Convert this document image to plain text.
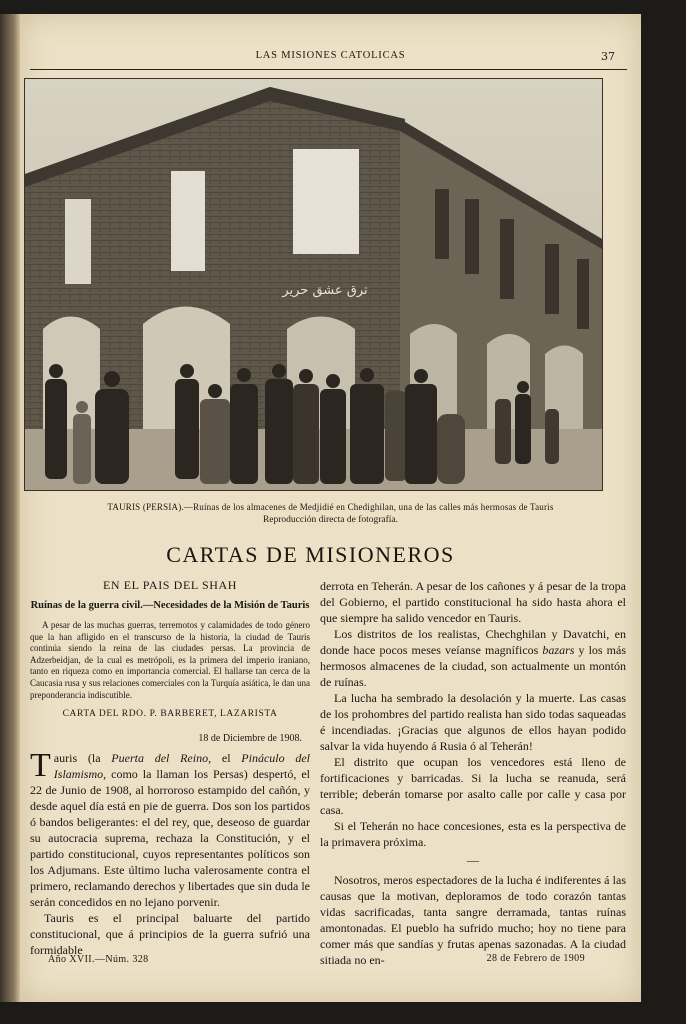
LAS MISIONES CATOLICAS	37
ﺗﺮﻕ ﻋﺸﻖ ﺣﺮﻳﺮ
TAURIS (PERSIA).—Ruínas de los almacenes de Medjidié en Chedighilan, una de las calles más hermosas de Tauris
Reproducción directa de fotografía.
CARTAS DE MISIONEROS

EN EL PAIS DEL SHAH

Ruínas de la guerra civil.—Necesidades de la Misión de Tauris

A pesar de las muchas guerras, terremotos y calamidades de todo género que la han afligido en el transcurso de la historia, la ciudad de Tauris continúa siendo la reina de las ciudades persas. La provincia de Adzerbeidjan, de la cual es metrópoli, es la primera del imperio iraniano, tanto en riqueza como en importancia comercial. El hallarse tan cerca de la Caucasia rusa y sus relaciones comerciales con la Turquía asiática, le dan una preponderancia indiscutible.

CARTA DEL RDO. P. BARBERET, LAZARISTA

18 de Diciembre de 1908.

Tauris (la Puerta del Reino, el Pináculo del Islamismo, como la llaman los Persas) despertó, el 22 de Junio de 1908, al horroroso estampido del cañón, y desde aquel día está en pie de guerra. Dos son los partidos ó bandos beligerantes: el del rey, que, deseoso de guardar su autocracia suprema, rechaza la Constitución, y el partido constitucional, cuyos representantes políticos son los Adjumans. Este último lucha valerosamente contra el primero, reclamando derechos y libertades que sin duda le serán concedidos en no lejano porvenir.

Tauris es el principal baluarte del partido constitucional, que á principios de la guerra sufrió una formidable

derrota en Teherán. A pesar de los cañones y á pesar de la tropa del Gobierno, el partido constitucional ha sido hasta ahora el que siempre ha salido vencedor en Tauris.

Los distritos de los realistas, Chechghilan y Davatchi, en donde hace pocos meses veíanse magníficos bazars y los más hermosos almacenes de la ciudad, son actualmente un montón de ruínas.

La lucha ha sembrado la desolación y la muerte. Las casas de los prohombres del partido realista han sido todas saqueadas é incendiadas. ¡Gracias que algunos de ellos hayan podido salvar la vida huyendo á Rusia ó al Teherán!

El distrito que ocupan los vencedores está lleno de fortificaciones y barricadas. Si la lucha se reanuda, será terrible; deberán tomarse por asalto calle por calle y casa por casa.

Si el Teherán no hace concesiones, esta es la perspectiva de la primavera próxima.

—

Nosotros, meros espectadores de la lucha é indiferentes á las causas que la motivan, deploramos de todo corazón tantas vidas sacrificadas, tanta sangre derramada, tantas ruínas amontonadas. El pueblo ha sufrido mucho; hoy no tiene para comer más que sandías y frutas apenas sazonadas. A la ciudad sitiada no en-

Año XVII.—Núm. 328	28 de Febrero de 1909
